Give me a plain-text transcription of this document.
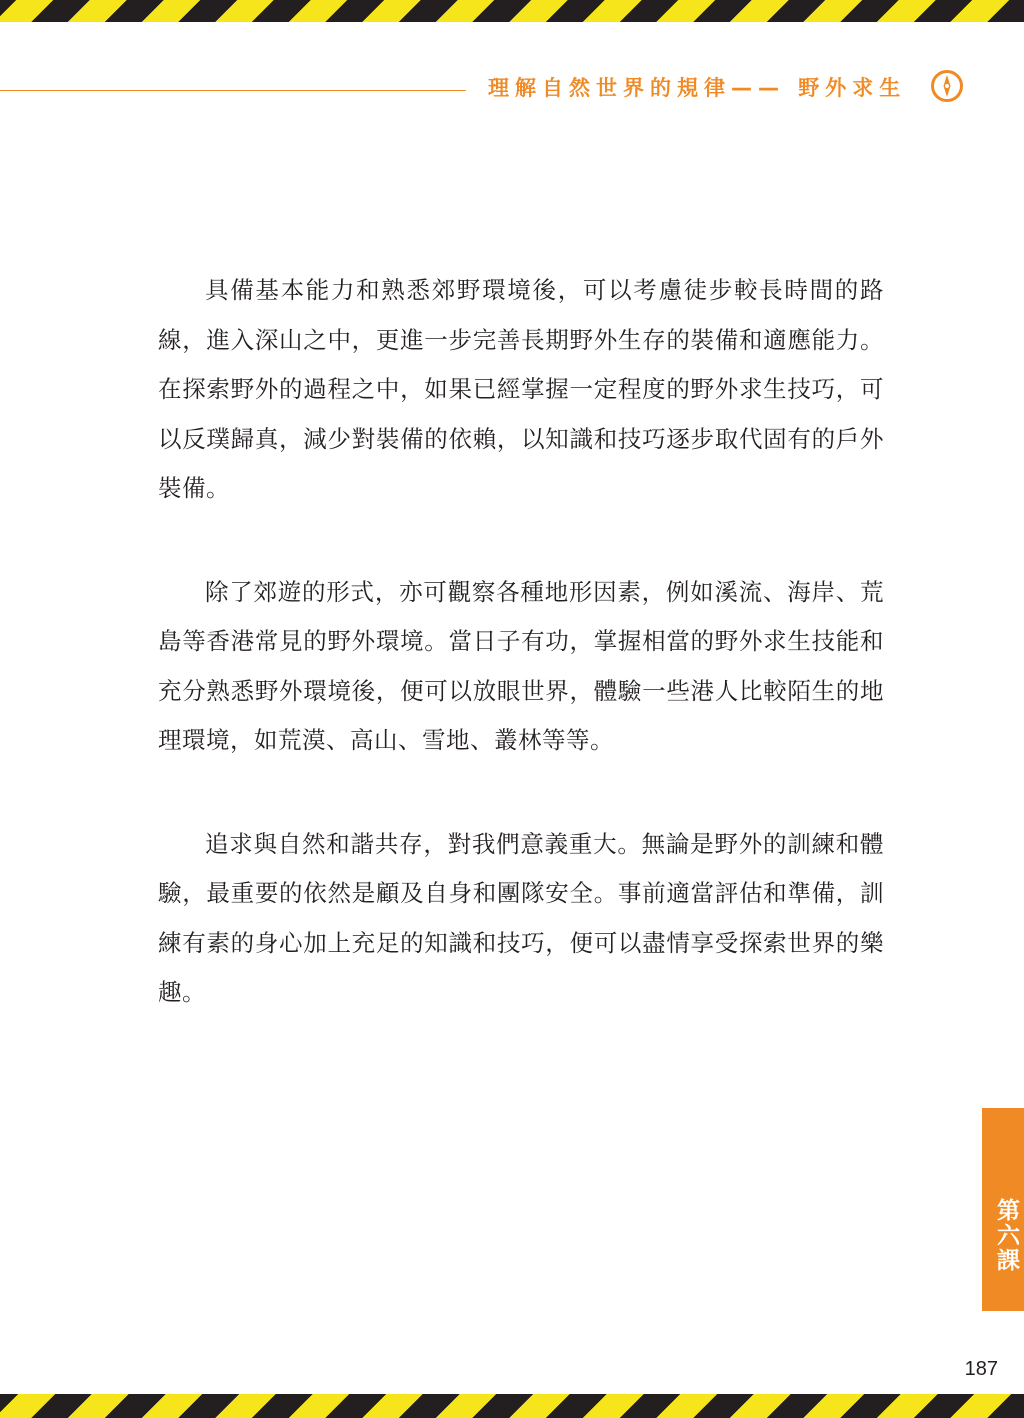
理解自然世界的規律—— 野外求生

具備基本能力和熟悉郊野環境後，可以考慮徒步較長時間的路線，進入深山之中，更進一步完善長期野外生存的裝備和適應能力。在探索野外的過程之中，如果已經掌握一定程度的野外求生技巧，可以反璞歸真，減少對裝備的依賴，以知識和技巧逐步取代固有的戶外裝備。

除了郊遊的形式，亦可觀察各種地形因素，例如溪流、海岸、荒島等香港常見的野外環境。當日子有功，掌握相當的野外求生技能和充分熟悉野外環境後，便可以放眼世界，體驗一些港人比較陌生的地理環境，如荒漠、高山、雪地、叢林等等。

追求與自然和諧共存，對我們意義重大。無論是野外的訓練和體驗，最重要的依然是顧及自身和團隊安全。事前適當評估和準備，訓練有素的身心加上充足的知識和技巧，便可以盡情享受探索世界的樂趣。

第六課
187
